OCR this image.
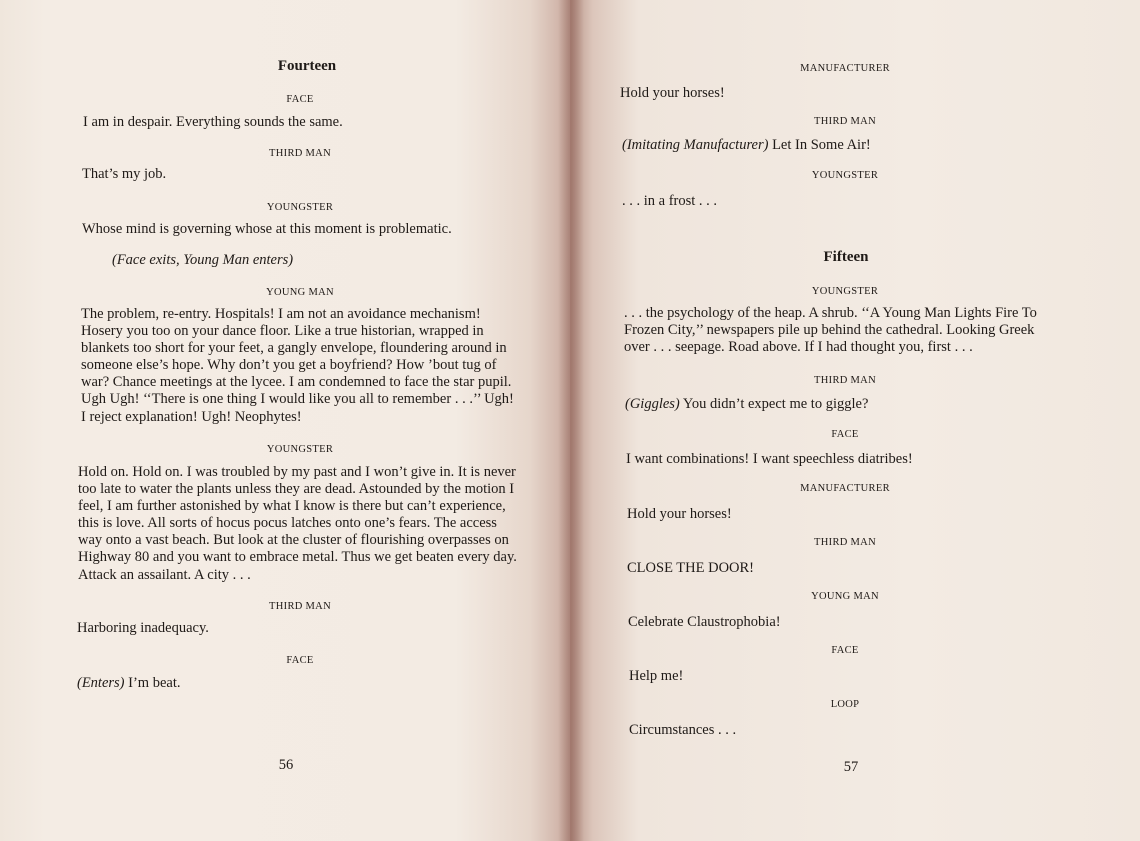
Fourteen
FACE
I am in despair. Everything sounds the same.
THIRD MAN
That’s my job.
YOUNGSTER
Whose mind is governing whose at this moment is problematic.
(Face exits, Young Man enters)
YOUNG MAN
The problem, re-entry. Hospitals! I am not an avoidance mechanism!
Hosery you too on your dance floor. Like a true historian, wrapped in
blankets too short for your feet, a gangly envelope, floundering around in
someone else’s hope. Why don’t you get a boyfriend? How ’bout tug of
war? Chance meetings at the lycee. I am condemned to face the star pupil.
Ugh Ugh! ‘‘There is one thing I would like you all to remember . . .’’ Ugh!
I reject explanation! Ugh! Neophytes!
YOUNGSTER
Hold on. Hold on. I was troubled by my past and I won’t give in. It is never
too late to water the plants unless they are dead. Astounded by the motion I
feel, I am further astonished by what I know is there but can’t experience,
this is love. All sorts of hocus pocus latches onto one’s fears. The access
way onto a vast beach. But look at the cluster of flourishing overpasses on
Highway 80 and you want to embrace metal. Thus we get beaten every day.
Attack an assailant. A city . . .
THIRD MAN
Harboring inadequacy.
FACE
(Enters) I’m beat.
56
MANUFACTURER
Hold your horses!
THIRD MAN
(Imitating Manufacturer) Let In Some Air!
YOUNGSTER
. . . in a frost . . .
Fifteen
YOUNGSTER
. . . the psychology of the heap. A shrub. ‘‘A Young Man Lights Fire To
Frozen City,’’ newspapers pile up behind the cathedral. Looking Greek
over . . . seepage. Road above. If I had thought you, first . . .
THIRD MAN
(Giggles) You didn’t expect me to giggle?
FACE
I want combinations! I want speechless diatribes!
MANUFACTURER
Hold your horses!
THIRD MAN
CLOSE THE DOOR!
YOUNG MAN
Celebrate Claustrophobia!
FACE
Help me!
LOOP
Circumstances . . .
57
